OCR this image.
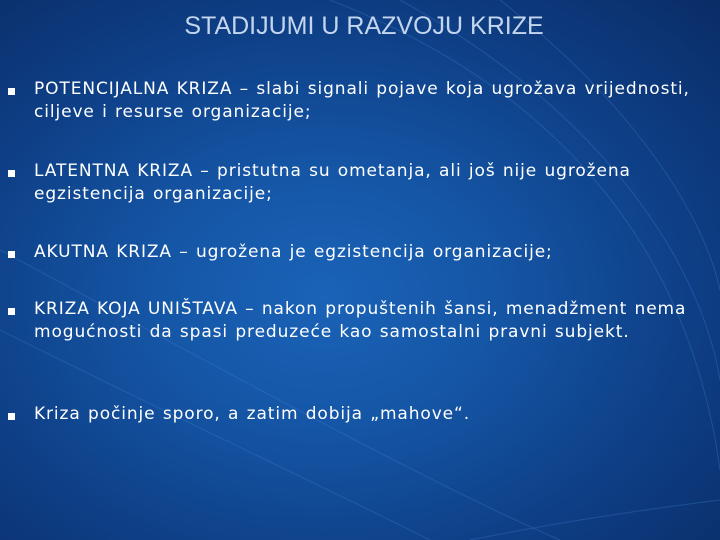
STADIJUMI U RAZVOJU KRIZE
POTENCIJALNA KRIZA – slabi signali pojave koja ugrožava vrijednosti, ciljeve i resurse organizacije;
LATENTNA KRIZA – pristutna su ometanja, ali još nije ugrožena egzistencija organizacije;
AKUTNA KRIZA – ugrožena je egzistencija organizacije;
KRIZA KOJA UNIŠTAVA – nakon propuštenih šansi, menadžment nema mogućnosti da spasi preduzeće kao samostalni pravni subjekt.
Kriza počinje sporo, a zatim dobija „mahove“.
